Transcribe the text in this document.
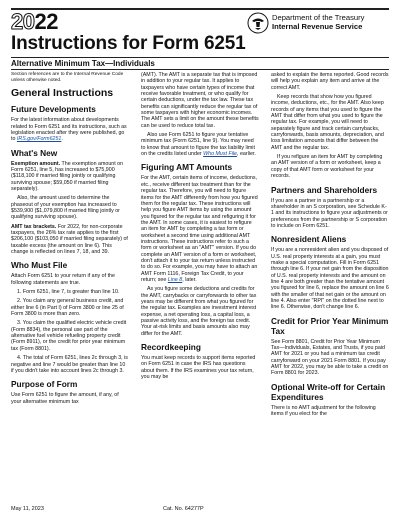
2022
Instructions for Form 6251
Department of the Treasury
Internal Revenue Service
Alternative Minimum Tax—Individuals

Section references are to the Internal Revenue Code unless otherwise noted.

General Instructions
Future Developments

For the latest information about developments related to Form 6251 and its instructions, such as legislation enacted after they were published, go to IRS.gov/Form6251.

What's New

Exemption amount. The exemption amount on Form 6251, line 5, has increased to $75,900 ($118,100 if married filing jointly or qualifying surviving spouse; $59,050 if married filing separately).

Also, the amount used to determine the phaseout of your exemption has increased to $539,900 ($1,079,800 if married filing jointly or qualifying surviving spouse).

AMT tax brackets. For 2022, for non-corporate taxpayers, the 26% tax rate applies to the first $206,100 ($103,050 if married filing separately) of taxable excess (the amount on line 6). This change is reflected on lines 7, 18, and 39.

Who Must File

Attach Form 6251 to your return if any of the following statements are true.

1. Form 6251, line 7, is greater than line 10.

2. You claim any general business credit, and either line 6 (in Part I) of Form 3800 or line 25 of Form 3800 is more than zero.

3. You claim the qualified electric vehicle credit (Form 8834), the personal use part of the alternative fuel vehicle refueling property credit (Form 8911), or the credit for prior year minimum tax (Form 8801).

4. The total of Form 6251, lines 2c through 3, is negative and line 7 would be greater than line 10 if you didn't take into account lines 2c through 3.

Purpose of Form

Use Form 6251 to figure the amount, if any, of your alternative minimum tax

(AMT). The AMT is a separate tax that is imposed in addition to your regular tax. It applies to taxpayers who have certain types of income that receive favorable treatment, or who qualify for certain deductions, under the tax law. These tax benefits can significantly reduce the regular tax of some taxpayers with higher economic incomes. The AMT sets a limit on the amount these benefits can be used to reduce total tax.

Also use Form 6251 to figure your tentative minimum tax (Form 6251, line 9). You may need to know that amount to figure the tax liability limit on the credits listed under Who Must File, earlier.

Figuring AMT Amounts

For the AMT, certain items of income, deductions, etc., receive different tax treatment than for the regular tax. Therefore, you will need to figure items for the AMT differently from how you figured them for the regular tax. These instructions will help you figure AMT items by using the amount you figured for the regular tax and refiguring it for the AMT. In some cases, it is easiest to refigure an item for AMT by completing a tax form or worksheet a second time using additional AMT instructions. These instructions refer to such a form or worksheet as an "AMT" version. If you do complete an AMT version of a form or worksheet, don't attach it to your tax return unless instructed to do so. For example, you may have to attach an AMT Form 1116, Foreign Tax Credit, to your return; see Line 8, later.

As you figure some deductions and credits for the AMT, carrybacks or carryforwards to other tax years may be different from what you figured for the regular tax. Examples are investment interest expense, a net operating loss, a capital loss, a passive activity loss, and the foreign tax credit. Your at-risk limits and basis amounts also may differ for the AMT.

Recordkeeping

You must keep records to support items reported on Form 6251 in case the IRS has questions about them. If the IRS examines your tax return, you may be

asked to explain the items reported. Good records will help you explain any item and arrive at the correct AMT.

Keep records that show how you figured income, deductions, etc., for the AMT. Also keep records of any items that you used to figure the AMT that differ from what you used to figure the regular tax. For example, you will need to separately figure and track certain carrybacks, carryforwards, basis amounts, depreciation, and loss limitation amounts that differ between the AMT and the regular tax.

If you refigure an item for AMT by completing an AMT version of a form or worksheet, keep a copy of that AMT form or worksheet for your records.

Partners and Shareholders

If you are a partner in a partnership or a shareholder in an S corporation, see Schedule K-1 and its instructions to figure your adjustments or preferences from the partnership or S corporation to include on Form 6251.

Nonresident Aliens

If you are a nonresident alien and you disposed of U.S. real property interests at a gain, you must make a special computation. Fill in Form 6251 through line 6. If your net gain from the disposition of U.S. real property interests and the amount on line 4 are both greater than the tentative amount you figured for line 6, replace the amount on line 6 with the smaller of that net gain or the amount on line 4. Also enter "RPI" on the dotted line next to line 6. Otherwise, don't change line 6.

Credit for Prior Year Minimum Tax

See Form 8801, Credit for Prior Year Minimum Tax—Individuals, Estates, and Trusts, if you paid AMT for 2021 or you had a minimum tax credit carryforward on your 2021 Form 8801. If you pay AMT for 2022, you may be able to take a credit on Form 8801 for 2023.

Optional Write-off for Certain Expenditures

There is no AMT adjustment for the following items if you elect for the

May 11, 2023	Cat. No. 64277P
